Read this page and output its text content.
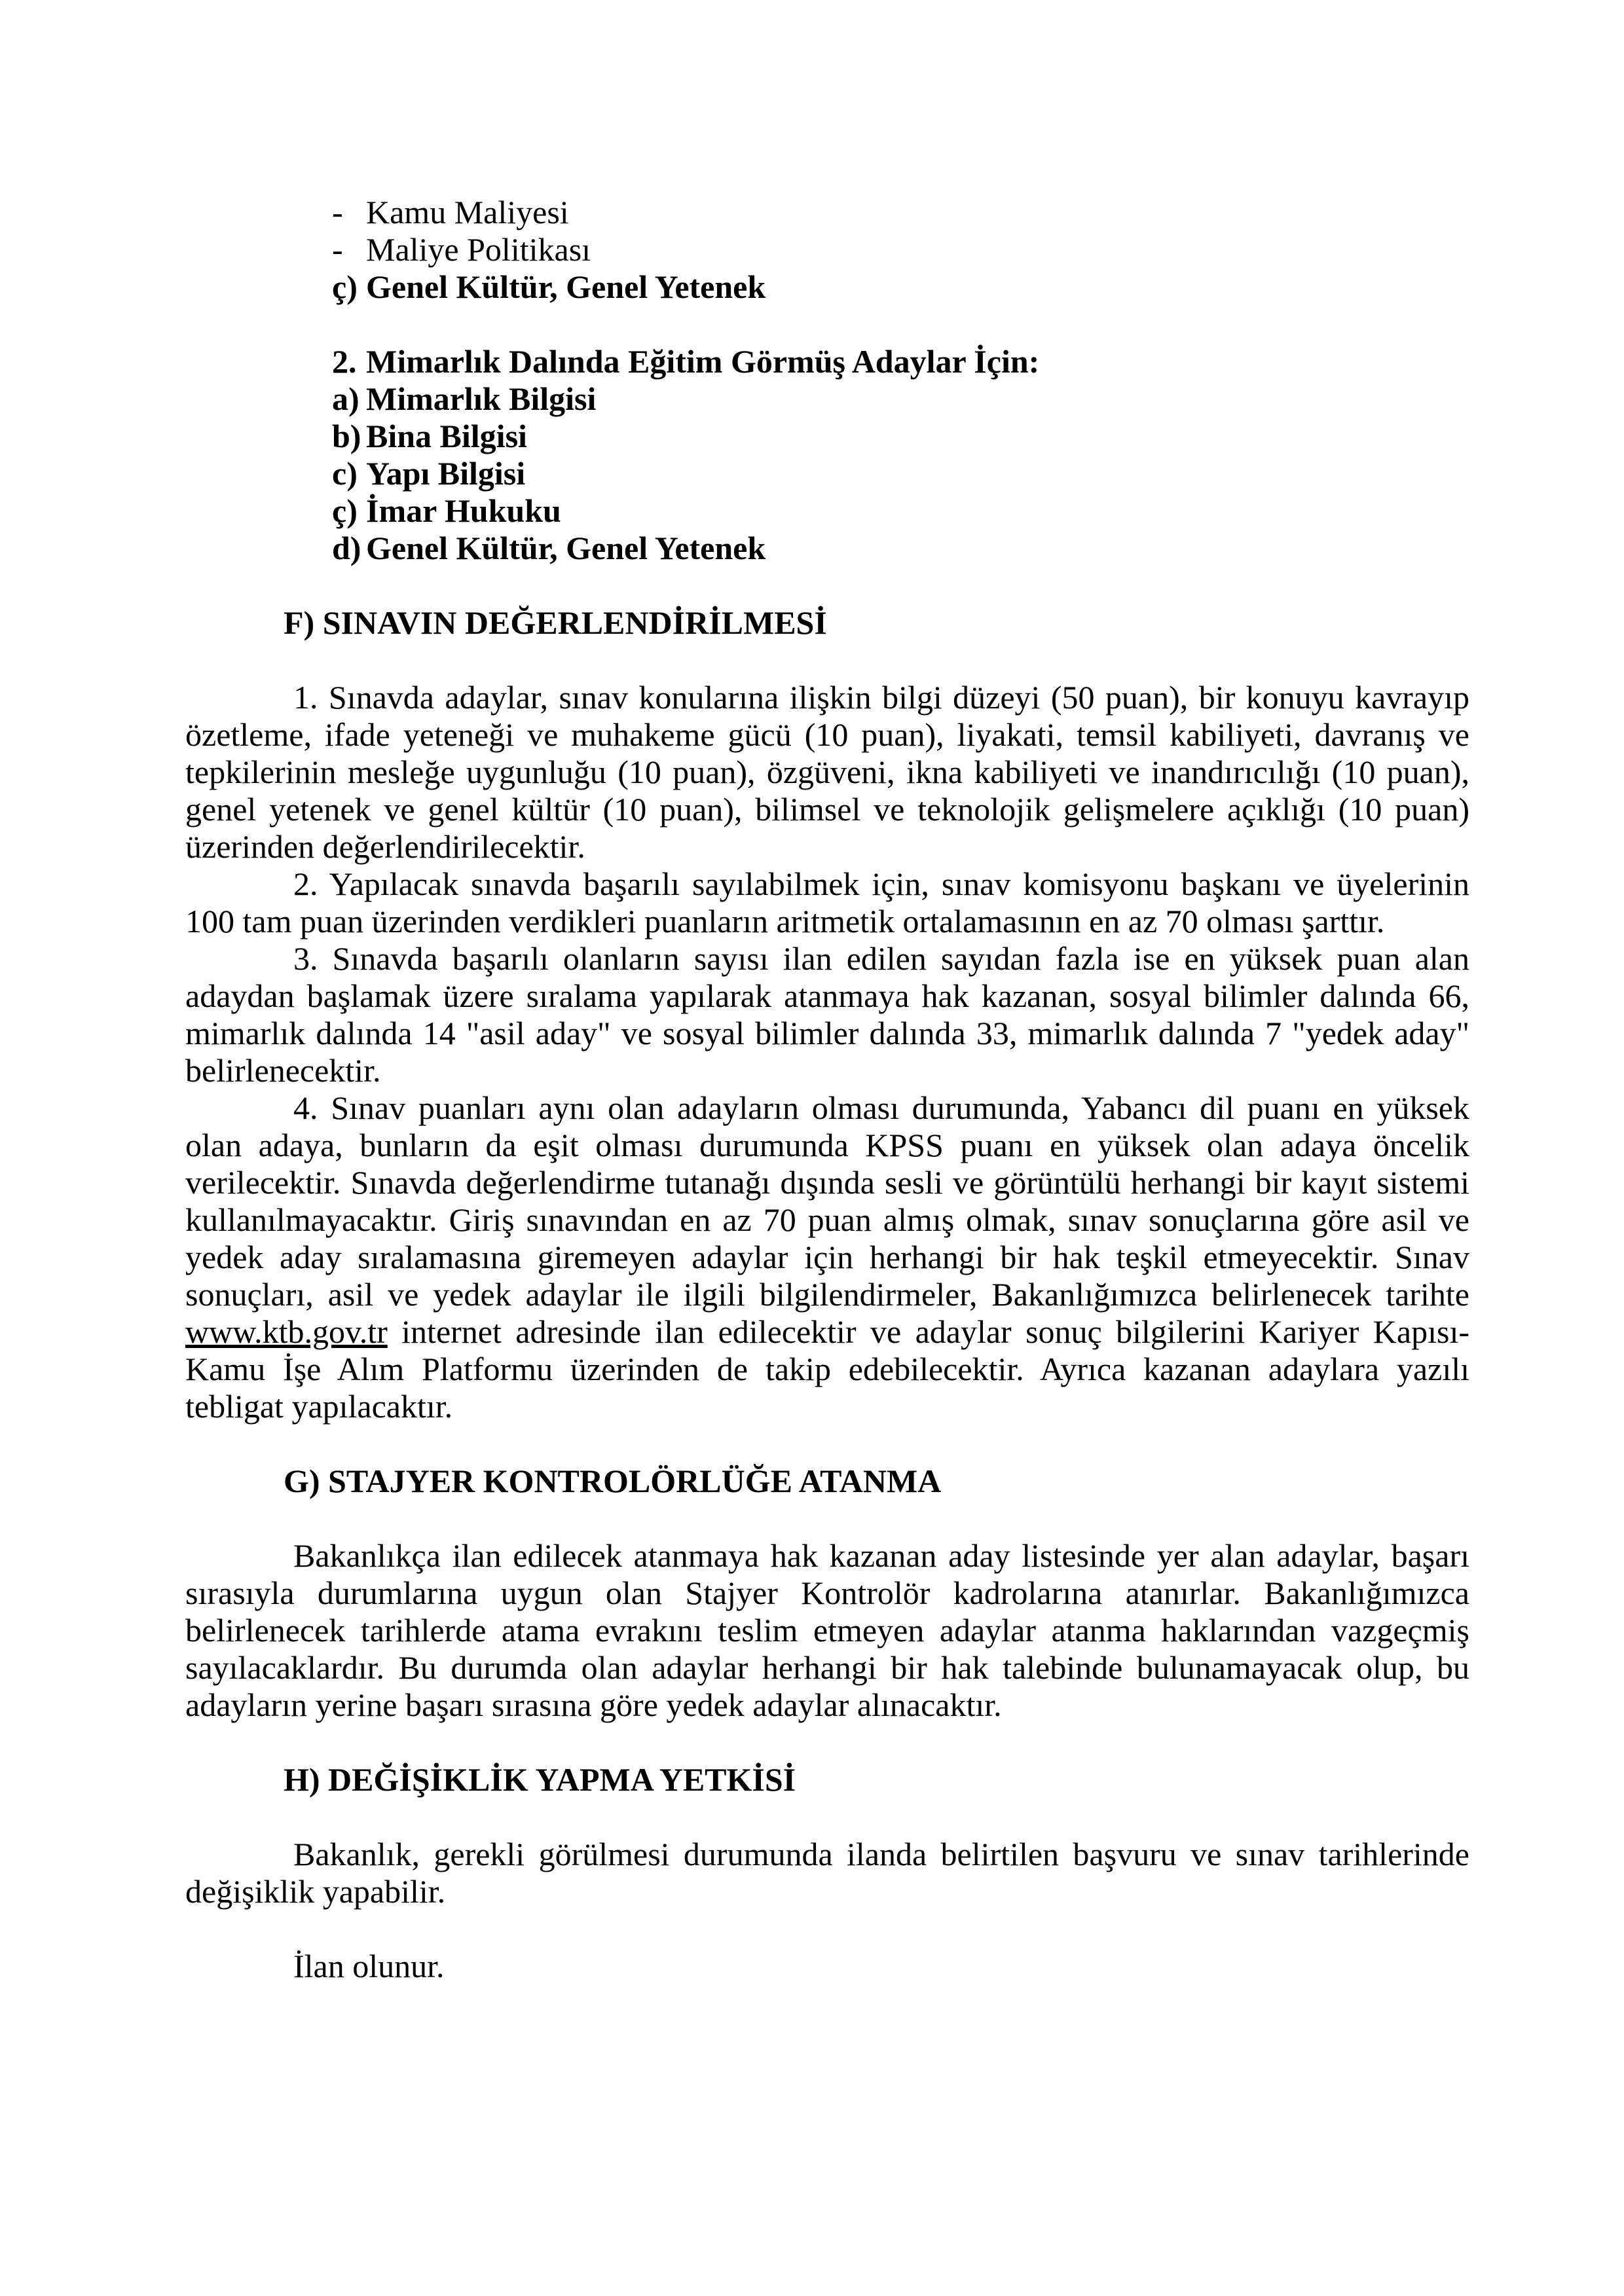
- Kamu Maliyesi
- Maliye Politikası
ç) Genel Kültür, Genel Yetenek
2. Mimarlık Dalında Eğitim Görmüş Adaylar İçin:
a) Mimarlık Bilgisi
b) Bina Bilgisi
c) Yapı Bilgisi
ç) İmar Hukuku
d) Genel Kültür, Genel Yetenek
F) SINAVIN DEĞERLENDİRİLMESİ

1. Sınavda adaylar, sınav konularına ilişkin bilgi düzeyi (50 puan), bir konuyu kavrayıp özetleme, ifade yeteneği ve muhakeme gücü (10 puan), liyakati, temsil kabiliyeti, davranış ve tepkilerinin mesleğe uygunluğu (10 puan), özgüveni, ikna kabiliyeti ve inandırıcılığı (10 puan), genel yetenek ve genel kültür (10 puan), bilimsel ve teknolojik gelişmelere açıklığı (10 puan) üzerinden değerlendirilecektir.

2. Yapılacak sınavda başarılı sayılabilmek için, sınav komisyonu başkanı ve üyelerinin 100 tam puan üzerinden verdikleri puanların aritmetik ortalamasının en az 70 olması şarttır.

3. Sınavda başarılı olanların sayısı ilan edilen sayıdan fazla ise en yüksek puan alan adaydan başlamak üzere sıralama yapılarak atanmaya hak kazanan, sosyal bilimler dalında 66, mimarlık dalında 14 "asil aday" ve sosyal bilimler dalında 33, mimarlık dalında 7 "yedek aday" belirlenecektir.

4. Sınav puanları aynı olan adayların olması durumunda, Yabancı dil puanı en yüksek olan adaya, bunların da eşit olması durumunda KPSS puanı en yüksek olan adaya öncelik verilecektir. Sınavda değerlendirme tutanağı dışında sesli ve görüntülü herhangi bir kayıt sistemi kullanılmayacaktır. Giriş sınavından en az 70 puan almış olmak, sınav sonuçlarına göre asil ve yedek aday sıralamasına giremeyen adaylar için herhangi bir hak teşkil etmeyecektir. Sınav sonuçları, asil ve yedek adaylar ile ilgili bilgilendirmeler, Bakanlığımızca belirlenecek tarihte www.ktb.gov.tr internet adresinde ilan edilecektir ve adaylar sonuç bilgilerini Kariyer Kapısı-Kamu İşe Alım Platformu üzerinden de takip edebilecektir. Ayrıca kazanan adaylara yazılı tebligat yapılacaktır.

G) STAJYER KONTROLÖRLÜĞE ATANMA

Bakanlıkça ilan edilecek atanmaya hak kazanan aday listesinde yer alan adaylar, başarı sırasıyla durumlarına uygun olan Stajyer Kontrolör kadrolarına atanırlar. Bakanlığımızca belirlenecek tarihlerde atama evrakını teslim etmeyen adaylar atanma haklarından vazgeçmiş sayılacaklardır. Bu durumda olan adaylar herhangi bir hak talebinde bulunamayacak olup, bu adayların yerine başarı sırasına göre yedek adaylar alınacaktır.

H) DEĞİŞİKLİK YAPMA YETKİSİ

Bakanlık, gerekli görülmesi durumunda ilanda belirtilen başvuru ve sınav tarihlerinde değişiklik yapabilir.

İlan olunur.
